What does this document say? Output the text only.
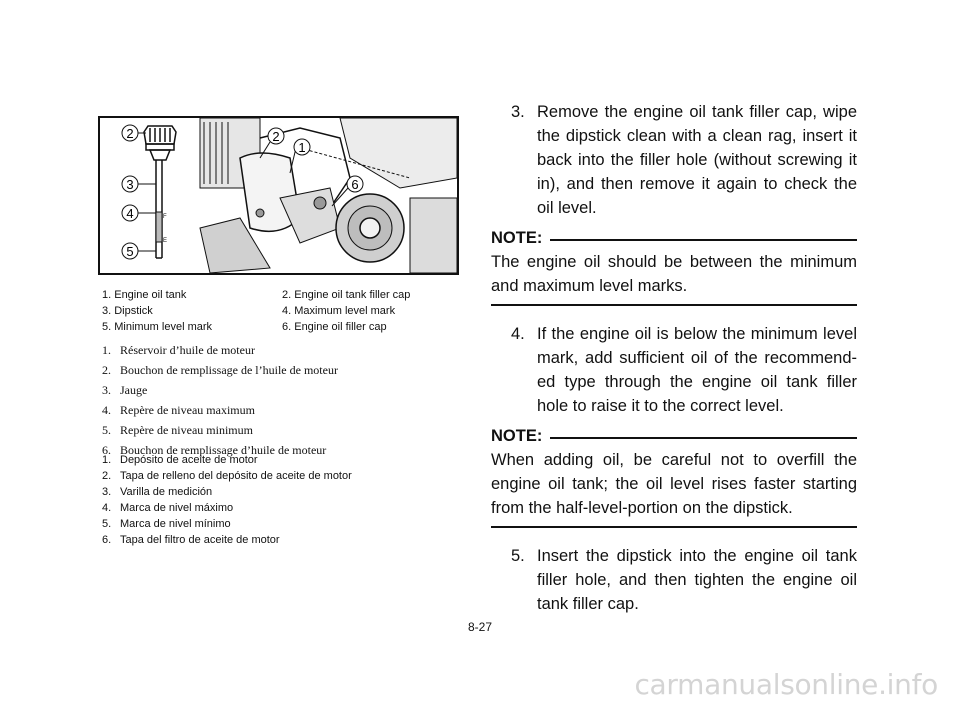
F
E
2
3
4
5
2
1
6
1. Engine oil tank	2. Engine oil tank filler cap
3. Dipstick	4. Maximum level mark
5. Minimum level mark	6. Engine oil filler cap
1. Réservoir d’huile de moteur
2. Bouchon de remplissage de l’huile de moteur
3. Jauge
4. Repère de niveau maximum
5. Repère de niveau minimum
6. Bouchon de remplissage d’huile de moteur
1. Depósito de aceite de motor
2. Tapa de relleno del depósito de aceite de motor
3. Varilla de medición
4. Marca de nivel máximo
5. Marca de nivel mínimo
6. Tapa del filtro de aceite de motor
3. Remove the engine oil tank filler cap, wipe the dipstick clean with a clean rag, insert it back into the filler hole (without screwing it in), and then remove it again to check the oil level.
NOTE:
The engine oil should be between the minimum and maximum level marks.
4. If the engine oil is below the minimum level mark, add sufficient oil of the recommend-ed type through the engine oil tank filler hole to raise it to the correct level.
NOTE:
When adding oil, be careful not to overfill the engine oil tank; the oil level rises faster starting from the half-level-portion on the dipstick.
5. Insert the dipstick into the engine oil tank filler hole, and then tighten the engine oil tank filler cap.
8-27
carmanualsonline.info
